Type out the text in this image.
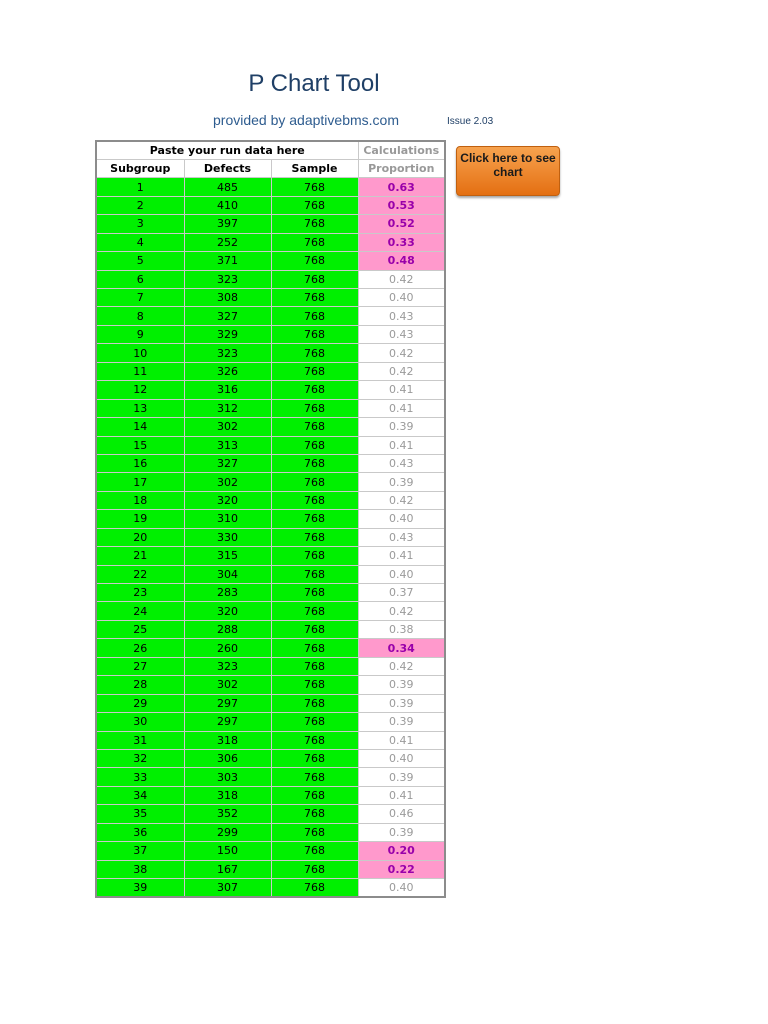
P Chart Tool
provided by adaptivebms.com	Issue 2.03
Click here to see chart
Paste your run data here			Calculations
Subgroup	Defects	Sample	Proportion
1	485	768	0.63
2	410	768	0.53
3	397	768	0.52
4	252	768	0.33
5	371	768	0.48
6	323	768	0.42
7	308	768	0.40
8	327	768	0.43
9	329	768	0.43
10	323	768	0.42
11	326	768	0.42
12	316	768	0.41
13	312	768	0.41
14	302	768	0.39
15	313	768	0.41
16	327	768	0.43
17	302	768	0.39
18	320	768	0.42
19	310	768	0.40
20	330	768	0.43
21	315	768	0.41
22	304	768	0.40
23	283	768	0.37
24	320	768	0.42
25	288	768	0.38
26	260	768	0.34
27	323	768	0.42
28	302	768	0.39
29	297	768	0.39
30	297	768	0.39
31	318	768	0.41
32	306	768	0.40
33	303	768	0.39
34	318	768	0.41
35	352	768	0.46
36	299	768	0.39
37	150	768	0.20
38	167	768	0.22
39	307	768	0.40
